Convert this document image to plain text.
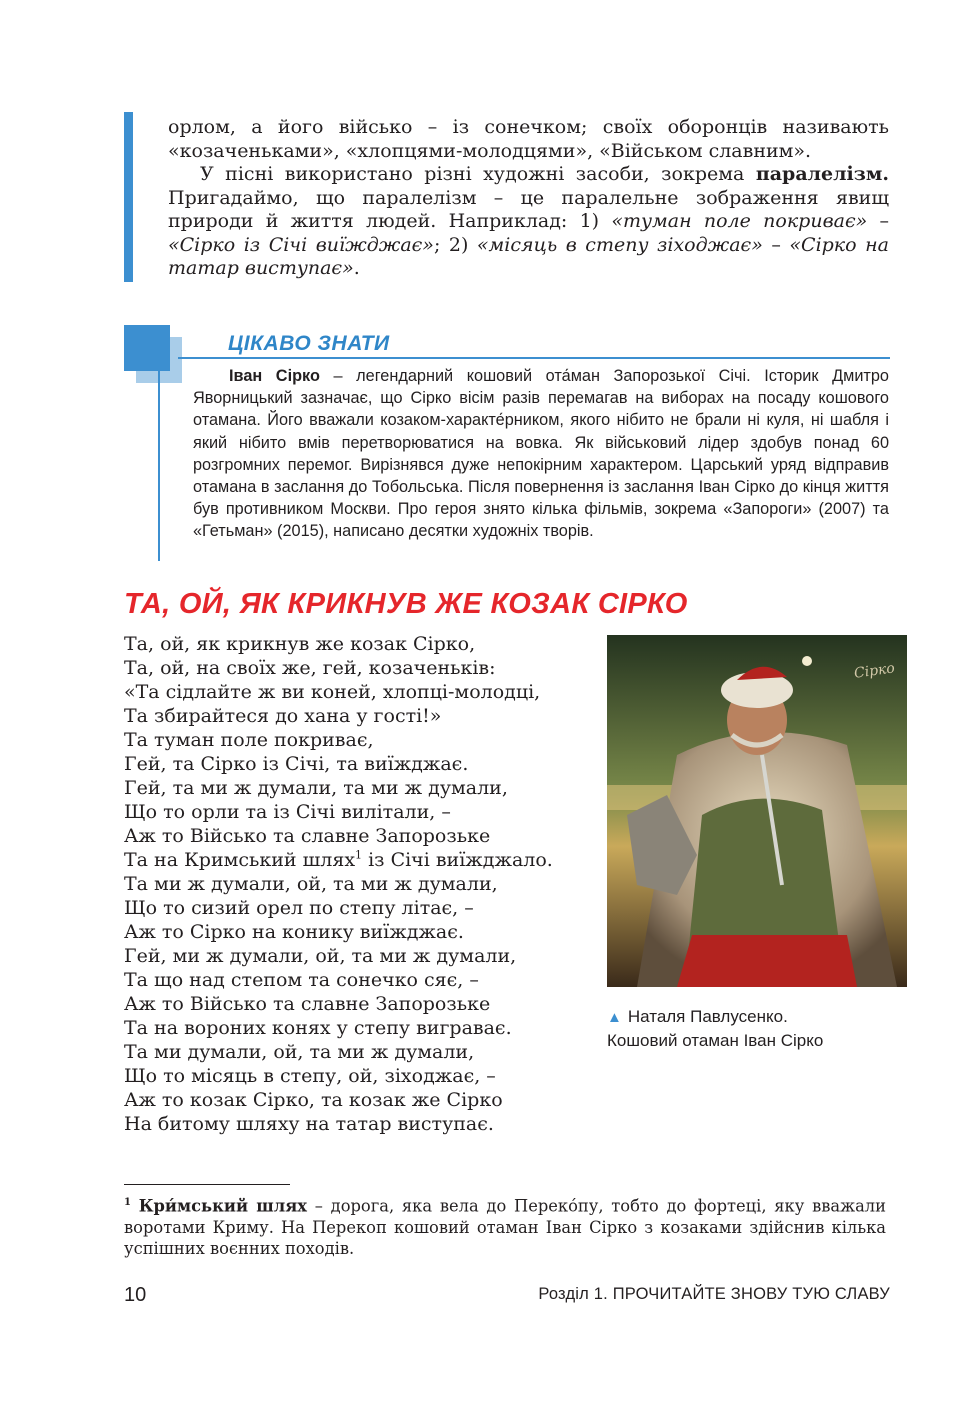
орлом, а його військо – із сонечком; своїх оборонців називають «козаченьками», «хлопцями-молодцями», «Військом славним».

У пісні використано різні художні засоби, зокрема паралелізм. Пригадаймо, що паралелізм – це паралельне зображення явищ природи й життя людей. Наприклад: 1) «туман поле покриває» – «Сірко із Січі виїжджає»; 2) «місяць в степу зіходжає» – «Сірко на татар виступає».

ЦІКАВО ЗНАТИ

Іван Сірко – легендарний кошовий ота́ман Запорозької Січі. Історик Дмитро Яворницький зазначає, що Сірко вісім разів перемагав на виборах на посаду кошового отамана. Його вважали козаком-характе́рником, якого нібито не брали ні куля, ні шабля і який нібито вмів перетворюватися на вовка. Як військовий лідер здобув понад 60 розгромних перемог. Вирізнявся дуже непокірним характером. Царський уряд відправив отамана в заслання до Тобольська. Після повернення із заслання Іван Сірко до кінця життя був противником Москви. Про героя знято кілька фільмів, зокрема «Запороги» (2007) та «Гетьман» (2015), написано десятки художніх творів.

ТА, ОЙ, ЯК КРИКНУВ ЖЕ КОЗАК СІРКО
Та, ой, як крикнув же козак Сірко,
Та, ой, на своїх же, гей, козаченьків:
«Та сідлайте ж ви коней, хлопці-молодці,
Та збирайтеся до хана у гості!»
Та туман поле покриває,
Гей, та Сірко із Січі, та виїжджає.
Гей, та ми ж думали, та ми ж думали,
Що то орли та із Січі вилітали, –
Аж то Військо та славне Запорозьке
Та на Кримський шлях$^1$ із Січі виїжджало.
Та ми ж думали, ой, та ми ж думали,
Що то сизий орел по степу літає, –
Аж то Сірко на конику виїжджає.
Гей, ми ж думали, ой, та ми ж думали,
Та що над степом та сонечко сяє, –
Аж то Військо та славне Запорозьке
Та на вороних конях у степу виграває.
Та ми думали, ой, та ми ж думали,
Що то місяць в степу, ой, зіходжає, –
Аж то козак Сірко, та козак же Сірко
На битому шляху на татар виступає.
Сірко

▲ Наталя Павлусенко.
Кошовий отаман Іван Сірко

$^1$ Кри́мський шлях – дорога, яка вела до Переко́пу, тобто до фортеці, яку вважали воротами Криму. На Перекоп кошовий отаман Іван Сірко з козаками здійснив кілька успішних воєнних походів.

10	Розділ 1. ПРОЧИТАЙТЕ ЗНОВУ ТУЮ СЛАВУ
